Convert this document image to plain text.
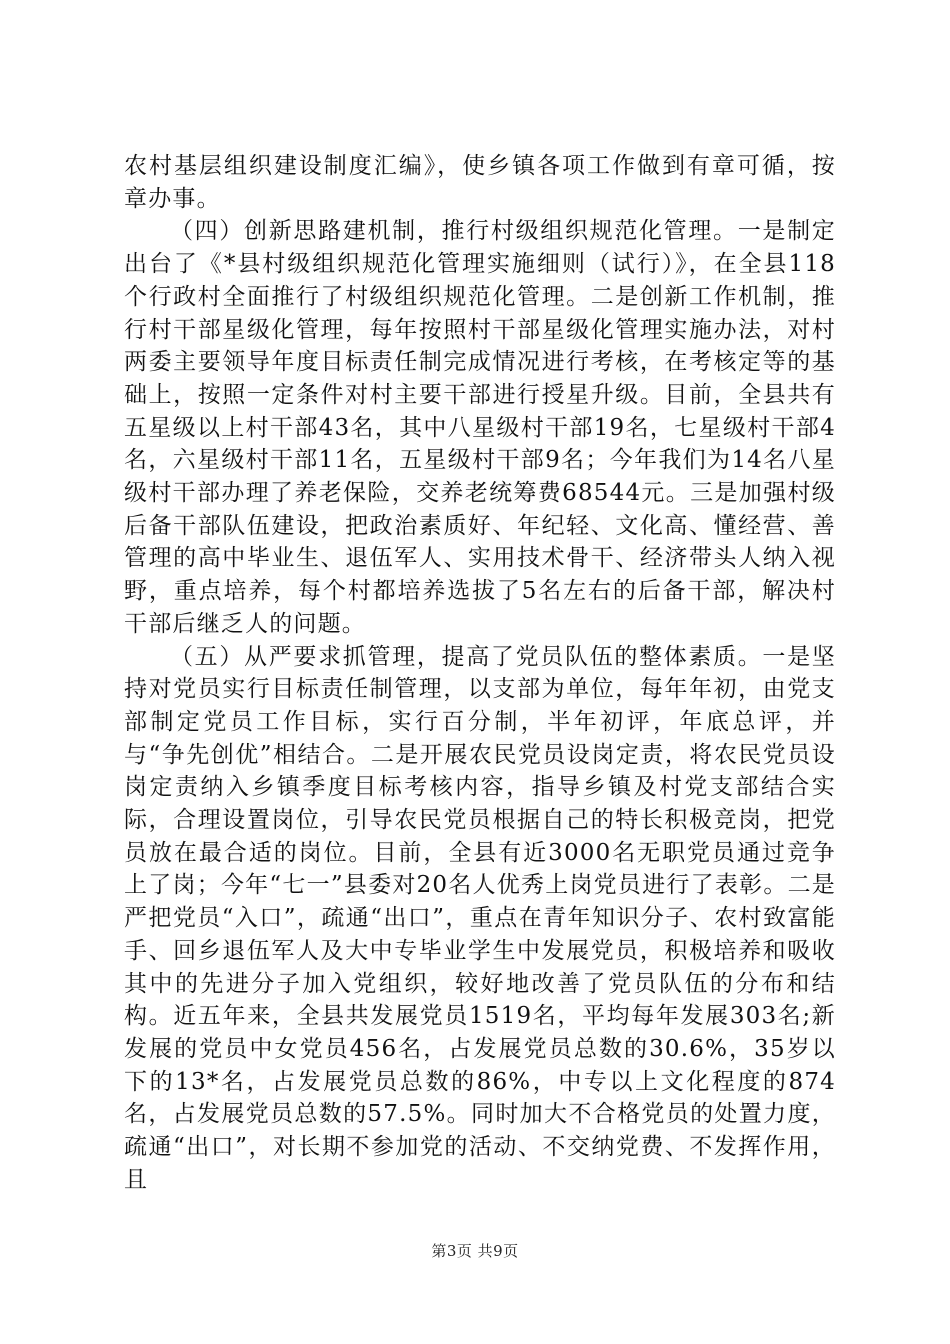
农村基层组织建设制度汇编》，使乡镇各项工作做到有章可循，按章办事。

（四）创新思路建机制，推行村级组织规范化管理。一是制定出台了《*县村级组织规范化管理实施细则（试行）》，在全县118个行政村全面推行了村级组织规范化管理。二是创新工作机制，推行村干部星级化管理，每年按照村干部星级化管理实施办法，对村两委主要领导年度目标责任制完成情况进行考核，在考核定等的基础上，按照一定条件对村主要干部进行授星升级。目前，全县共有五星级以上村干部43名，其中八星级村干部19名，七星级村干部4名，六星级村干部11名，五星级村干部9名；今年我们为14名八星级村干部办理了养老保险，交养老统筹费68544元。三是加强村级后备干部队伍建设，把政治素质好、年纪轻、文化高、懂经营、善管理的高中毕业生、退伍军人、实用技术骨干、经济带头人纳入视野，重点培养，每个村都培养选拔了5名左右的后备干部，解决村干部后继乏人的问题。

（五）从严要求抓管理，提高了党员队伍的整体素质。一是坚持对党员实行目标责任制管理，以支部为单位，每年年初，由党支部制定党员工作目标，实行百分制，半年初评，年底总评，并与“争先创优”相结合。二是开展农民党员设岗定责，将农民党员设岗定责纳入乡镇季度目标考核内容，指导乡镇及村党支部结合实际，合理设置岗位，引导农民党员根据自己的特长积极竞岗，把党员放在最合适的岗位。目前，全县有近3000名无职党员通过竞争上了岗；今年“七一”县委对20名人优秀上岗党员进行了表彰。二是严把党员“入口”，疏通“出口”，重点在青年知识分子、农村致富能手、回乡退伍军人及大中专毕业学生中发展党员，积极培养和吸收其中的先进分子加入党组织，较好地改善了党员队伍的分布和结构。近五年来，全县共发展党员1519名，平均每年发展303名;新发展的党员中女党员456名，占发展党员总数的30.6%，35岁以下的13*名，占发展党员总数的86%，中专以上文化程度的874名，占发展党员总数的57.5%。同时加大不合格党员的处置力度，疏通“出口”，对长期不参加党的活动、不交纳党费、不发挥作用，且

第3页 共9页
